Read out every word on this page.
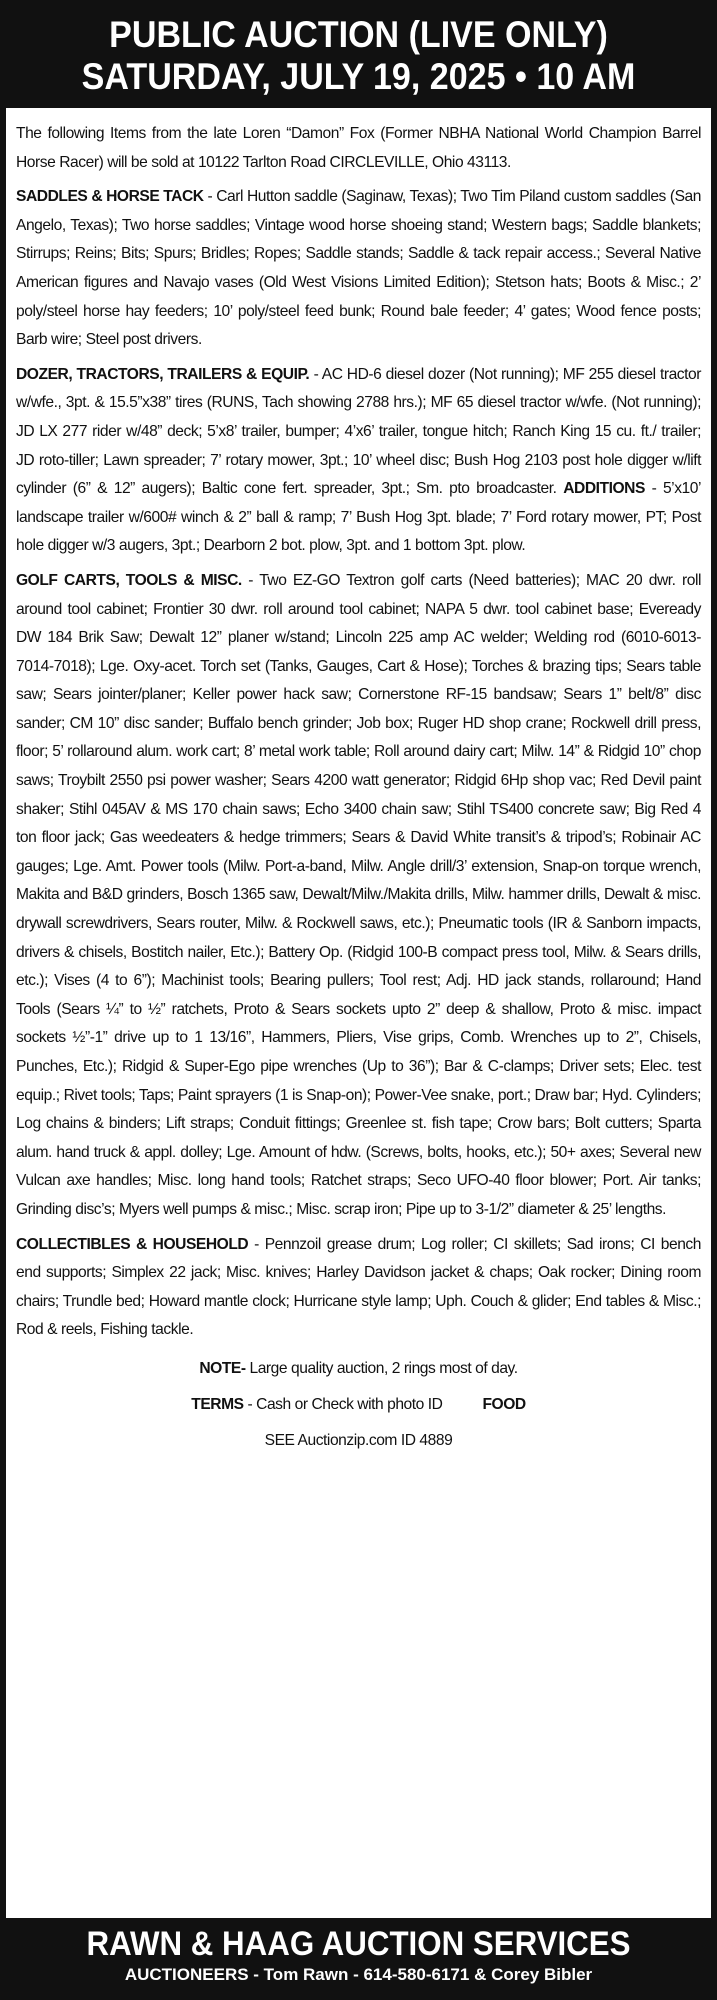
PUBLIC AUCTION (LIVE ONLY)
SATURDAY, JULY 19, 2025 • 10 AM

The following Items from the late Loren “Damon” Fox (Former NBHA National World Champion Barrel Horse Racer) will be sold at 10122 Tarlton Road CIRCLEVILLE, Ohio 43113.

SADDLES & HORSE TACK - Carl Hutton saddle (Saginaw, Texas); Two Tim Piland custom saddles (San Angelo, Texas); Two horse saddles; Vintage wood horse shoeing stand; Western bags; Saddle blankets; Stirrups; Reins; Bits; Spurs; Bridles; Ropes; Saddle stands; Saddle & tack repair access.; Several Native American figures and Navajo vases (Old West Visions Limited Edition); Stetson hats; Boots & Misc.; 2’ poly/steel horse hay feeders; 10’ poly/steel feed bunk; Round bale feeder; 4’ gates; Wood fence posts; Barb wire; Steel post drivers.

DOZER, TRACTORS, TRAILERS & EQUIP. - AC HD-6 diesel dozer (Not running); MF 255 diesel tractor w/wfe., 3pt. & 15.5”x38” tires (RUNS, Tach showing 2788 hrs.); MF 65 diesel tractor w/wfe. (Not running); JD LX 277 rider w/48” deck; 5’x8’ trailer, bumper; 4’x6’ trailer, tongue hitch; Ranch King 15 cu. ft./ trailer; JD roto-tiller; Lawn spreader; 7’ rotary mower, 3pt.; 10’ wheel disc; Bush Hog 2103 post hole digger w/lift cylinder (6” & 12” augers); Baltic cone fert. spreader, 3pt.; Sm. pto broadcaster. ADDITIONS - 5’x10’ landscape trailer w/600# winch & 2” ball & ramp; 7’ Bush Hog 3pt. blade; 7’ Ford rotary mower, PT; Post hole digger w/3 augers, 3pt.; Dearborn 2 bot. plow, 3pt. and 1 bottom 3pt. plow.

GOLF CARTS, TOOLS & MISC. - Two EZ-GO Textron golf carts (Need batteries); MAC 20 dwr. roll around tool cabinet; Frontier 30 dwr. roll around tool cabinet; NAPA 5 dwr. tool cabinet base; Eveready DW 184 Brik Saw; Dewalt 12” planer w/stand; Lincoln 225 amp AC welder; Welding rod (6010-6013-7014-7018); Lge. Oxy-acet. Torch set (Tanks, Gauges, Cart & Hose); Torches & brazing tips; Sears table saw; Sears jointer/planer; Keller power hack saw; Cornerstone RF-15 bandsaw; Sears 1” belt/8” disc sander; CM 10” disc sander; Buffalo bench grinder; Job box; Ruger HD shop crane; Rockwell drill press, floor; 5’ rollaround alum. work cart; 8’ metal work table; Roll around dairy cart; Milw. 14” & Ridgid 10” chop saws; Troybilt 2550 psi power washer; Sears 4200 watt generator; Ridgid 6Hp shop vac; Red Devil paint shaker; Stihl 045AV & MS 170 chain saws; Echo 3400 chain saw; Stihl TS400 concrete saw; Big Red 4 ton floor jack; Gas weedeaters & hedge trimmers; Sears & David White transit’s & tripod’s; Robinair AC gauges; Lge. Amt. Power tools (Milw. Port-a-band, Milw. Angle drill/3’ extension, Snap-on torque wrench, Makita and B&D grinders, Bosch 1365 saw, Dewalt/Milw./Makita drills, Milw. hammer drills, Dewalt & misc. drywall screwdrivers, Sears router, Milw. & Rockwell saws, etc.); Pneumatic tools (IR & Sanborn impacts, drivers & chisels, Bostitch nailer, Etc.); Battery Op. (Ridgid 100-B compact press tool, Milw. & Sears drills, etc.); Vises (4 to 6”); Machinist tools; Bearing pullers; Tool rest; Adj. HD jack stands, rollaround; Hand Tools (Sears ¼” to ½” ratchets, Proto & Sears sockets upto 2” deep & shallow, Proto & misc. impact sockets ½”-1” drive up to 1 13/16”, Hammers, Pliers, Vise grips, Comb. Wrenches up to 2”, Chisels, Punches, Etc.); Ridgid & Super-Ego pipe wrenches (Up to 36”); Bar & C-clamps; Driver sets; Elec. test equip.; Rivet tools; Taps; Paint sprayers (1 is Snap-on); Power-Vee snake, port.; Draw bar; Hyd. Cylinders; Log chains & binders; Lift straps; Conduit fittings; Greenlee st. fish tape; Crow bars; Bolt cutters; Sparta alum. hand truck & appl. dolley; Lge. Amount of hdw. (Screws, bolts, hooks, etc.); 50+ axes; Several new Vulcan axe handles; Misc. long hand tools; Ratchet straps; Seco UFO-40 floor blower; Port. Air tanks; Grinding disc’s; Myers well pumps & misc.; Misc. scrap iron; Pipe up to 3-1/2” diameter & 25’ lengths.

COLLECTIBLES & HOUSEHOLD - Pennzoil grease drum; Log roller; CI skillets; Sad irons; CI bench end supports; Simplex 22 jack; Misc. knives; Harley Davidson jacket & chaps; Oak rocker; Dining room chairs; Trundle bed; Howard mantle clock; Hurricane style lamp; Uph. Couch & glider; End tables & Misc.; Rod & reels, Fishing tackle.

NOTE- Large quality auction, 2 rings most of day.
TERMS - Cash or Check with photo ID	FOOD
SEE Auctionzip.com ID 4889
RAWN & HAAG AUCTION SERVICES
AUCTIONEERS - Tom Rawn - 614-580-6171 & Corey Bibler
